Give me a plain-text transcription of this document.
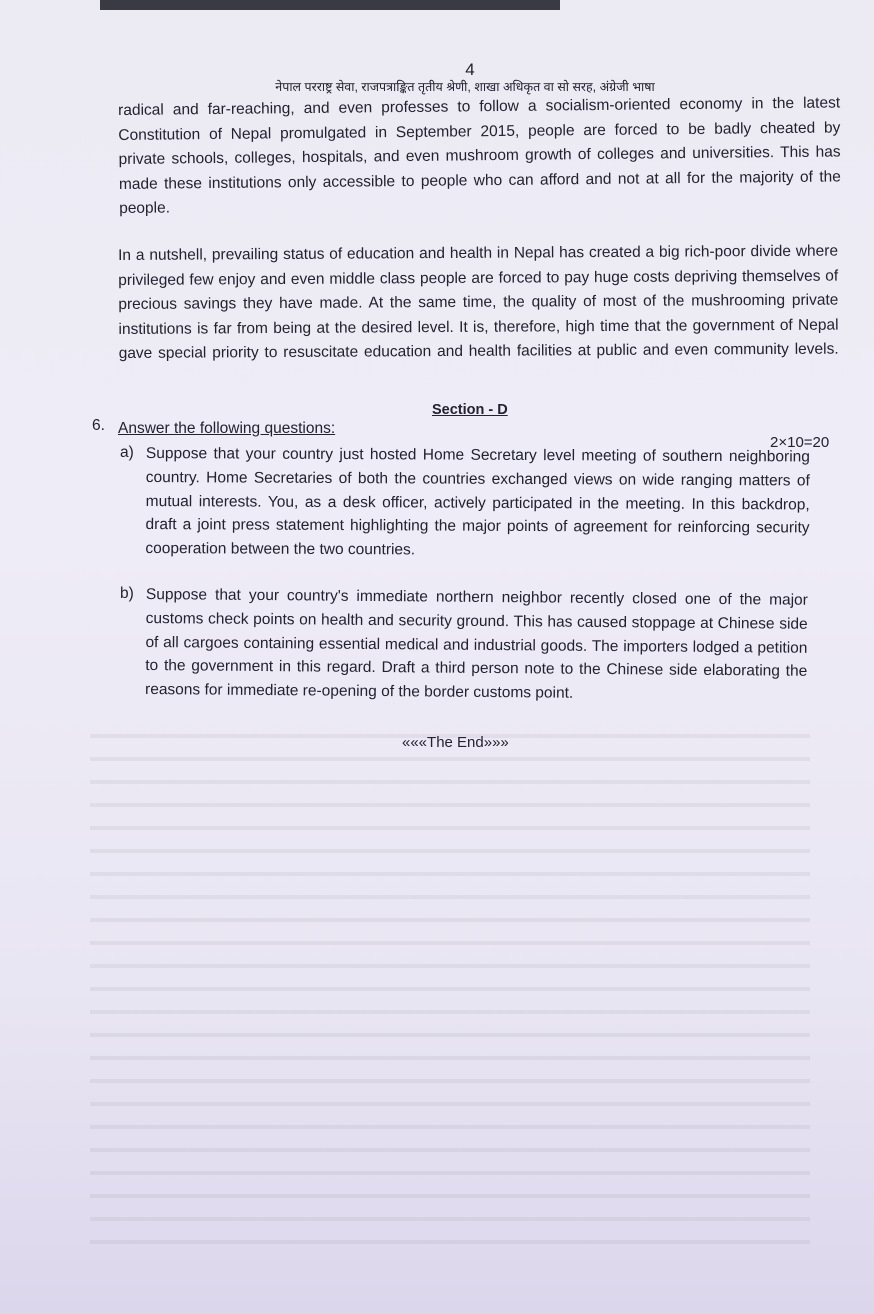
4
नेपाल परराष्ट्र सेवा, राजपत्राङ्कित तृतीय श्रेणी, शाखा अधिकृत वा सो सरह, अंग्रेजी भाषा
radical and far-reaching, and even professes to follow a socialism-oriented economy in the latest
Constitution of Nepal promulgated in September 2015, people are forced to be badly cheated by
private schools, colleges, hospitals, and even mushroom growth of colleges and universities. This has
made these institutions only accessible to people who can afford and not at all for the majority of the
people.
In a nutshell, prevailing status of education and health in Nepal has created a big rich-poor divide where
privileged few enjoy and even middle class people are forced to pay huge costs depriving themselves of
precious savings they have made. At the same time, the quality of most of the mushrooming private
institutions is far from being at the desired level. It is, therefore, high time that the government of Nepal
gave special priority to resuscitate education and health facilities at public and even community levels.
Section - D
6. Answer the following questions:
2×10=20
a) Suppose that your country just hosted Home Secretary level meeting of southern neighboring
country. Home Secretaries of both the countries exchanged views on wide ranging matters of
mutual interests. You, as a desk officer, actively participated in the meeting. In this backdrop,
draft a joint press statement highlighting the major points of agreement for reinforcing security
cooperation between the two countries.
b) Suppose that your country's immediate northern neighbor recently closed one of the major
customs check points on health and security ground. This has caused stoppage at Chinese side
of all cargoes containing essential medical and industrial goods. The importers lodged a petition
to the government in this regard. Draft a third person note to the Chinese side elaborating the
reasons for immediate re-opening of the border customs point.
«««The End»»»
